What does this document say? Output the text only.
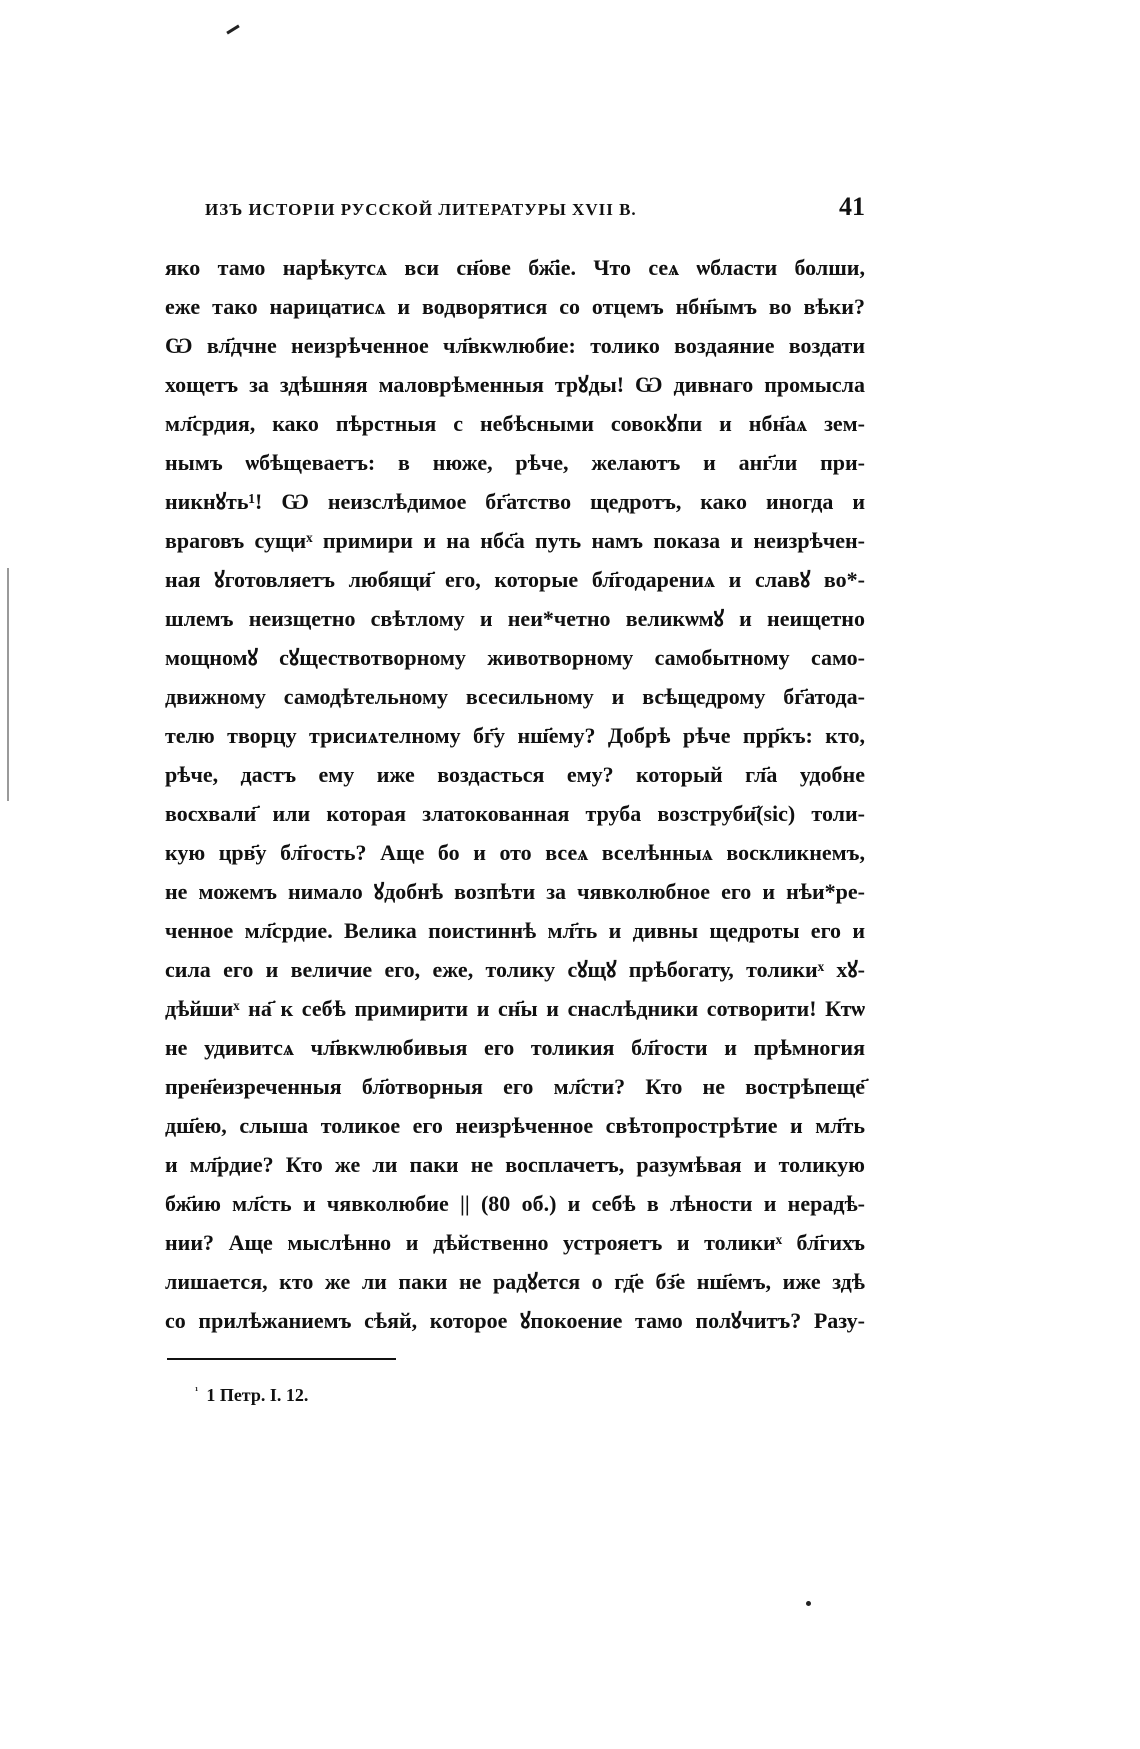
ИЗЪ ИСТОРІИ РУССКОЙ ЛИТЕРАТУРЫ XVII В.	41
яко тамо нарѣкутсѧ вси сн҃ове бж҃іе. Что сеѧ ѡбласти болши,
еже тако нарицатисѧ и водворятися со отцемъ нбн҃ымъ во вѣки?
Ѡ вл҃дчне неизрѣченное чл҃вкѡлюбие: толико воздаяние воздати
хощетъ за здѣшняя маловрѣменныя трꙋды! Ѡ дивнаго промысла
мл҃срдия, како пѣрстныя с небѣсными совокꙋпи и нбн҃аѧ зем-
нымъ ѡбѣщеваетъ: в нюже, рѣче, желаютъ и анг҃ли при-
никнꙋть¹! Ѡ неизслѣдимое бг҃атство щедротъ, како иногда и
враговъ сущиˣ примири и на нбс҃а путь намъ показа и неизрѣчен-
ная ꙋготовляетъ любящи҃ его, которые бл҃годарениѧ и славꙋ во*-
шлемъ неизщетно свѣтлому и неи*четно великѡмꙋ и неищетно
мощномꙋ сꙋществотворному животворному самобытному само-
движному самодѣтельному всесильному и всѣщедрому бг҃атода-
телю творцу трисиѧтелному бг҃у нш҃ему? Добрѣ рѣче прр҃къ: кто,
рѣче, дастъ ему иже воздасться ему? который гл҃а удобне
восхвали҃ или которая златокованная труба возструби҃(sic) толи-
кую црв҃у бл҃гость? Аще бо и ото всеѧ вселѣнныѧ воскликнемъ,
не можемъ нимало ꙋдобнѣ возпѣти за чявколюбное его и нѣи*ре-
ченное мл҃срдие. Велика поистиннѣ мл҃ть и дивны щедроты его и
сила его и величие его, еже, толику сꙋщꙋ прѣбогату, толикиˣ хꙋ-
дѣйшиˣ на҃ к себѣ примирити и сн҃ы и снаслѣдники сотворити! Ктѡ
не удивитсѧ чл҃вкѡлюбивыя его толикия бл҃гости и прѣмногия
прен҃еизреченныя бл҃отворныя его мл҃сти? Кто не вострѣпеще҃
дш҃ею, слыша толикое его неизрѣченное свѣтопрострѣтие и мл҃ть
и мл҃рдие? Кто же ли паки не восплачетъ, разумѣвая и толикую
бж҃ию мл҃сть и чявколюбие || (80 об.) и себѣ в лѣности и нерадѣ-
нии? Аще мыслѣнно и дѣйственно устрояетъ и толикиˣ бл҃гихъ
лишается, кто же ли паки не радꙋется о гд҃е бз҃е нш҃емъ, иже здѣ
со прилѣжаниемъ сѣяй, которое ꙋпокоение тамо полꙋчитъ? Разу-
$^{^1}$ 1 Петр. I. 12.
